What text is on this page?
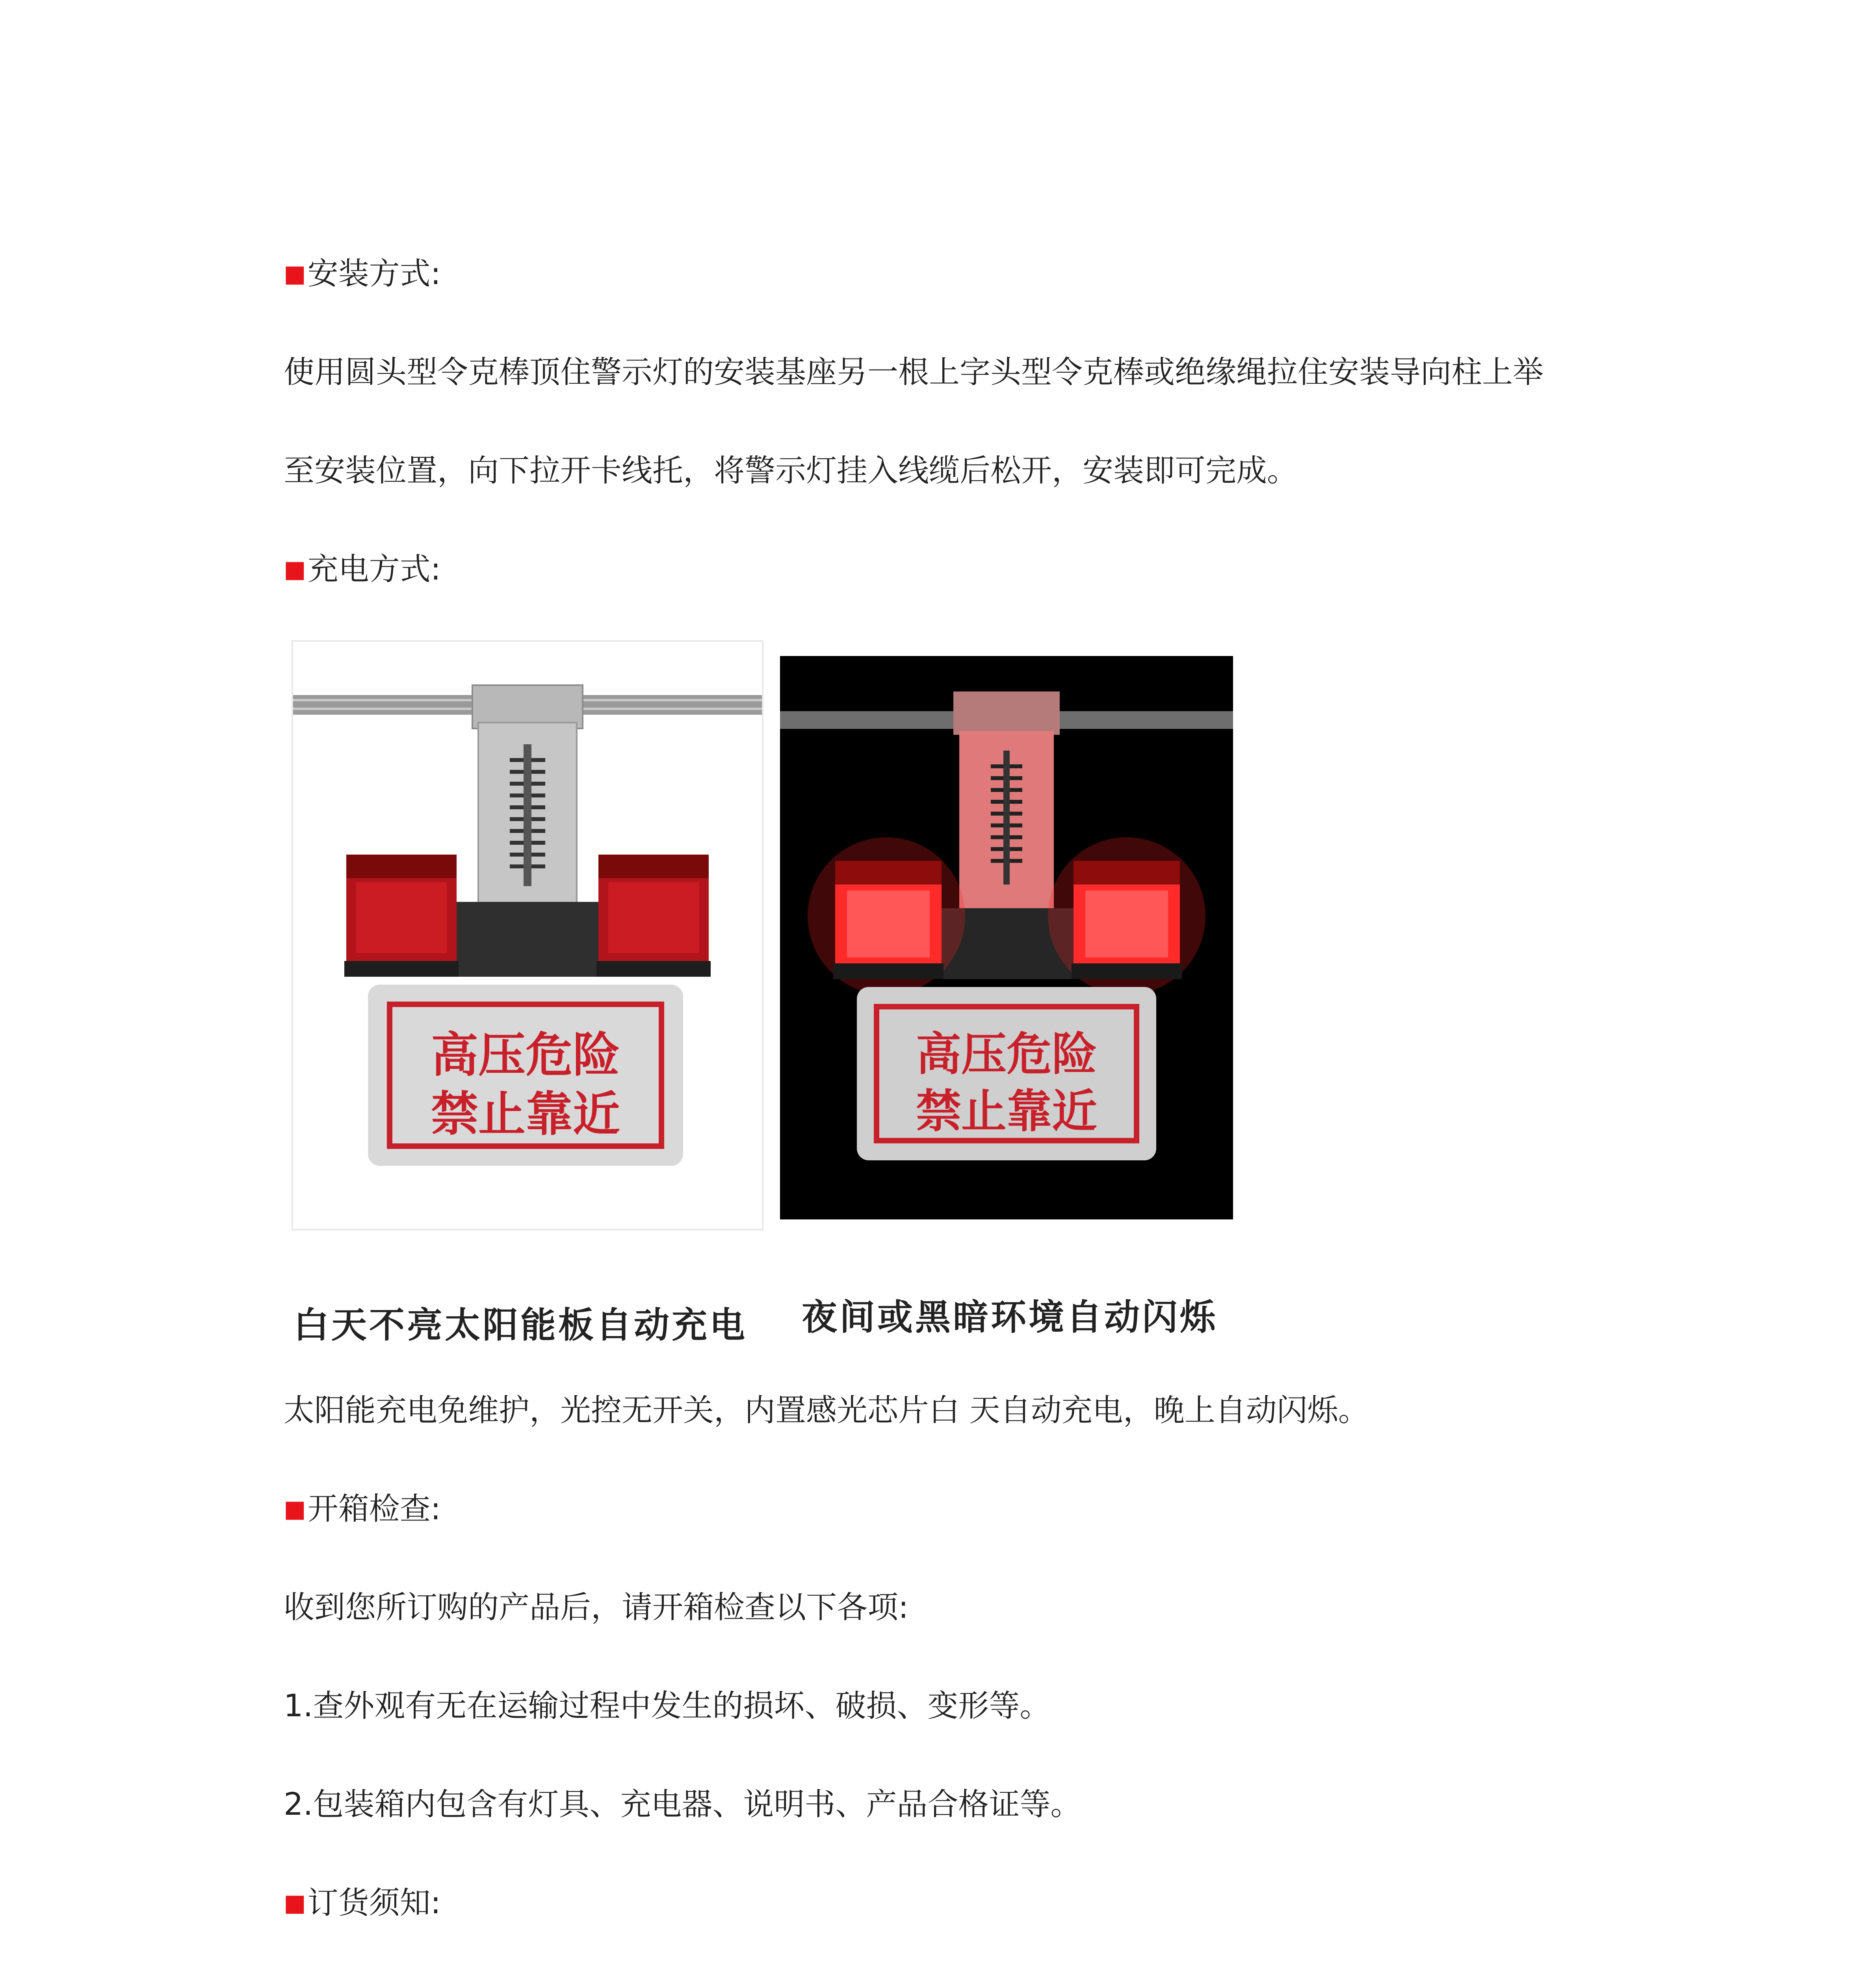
■安装方式:
使用圆头型令克棒顶住警示灯的安装基座另一根上字头型令克棒或绝缘绳拉住安装导向柱上举
至安装位置，向下拉开卡线托，将警示灯挂入线缆后松开，安装即可完成。
■充电方式:
高压危险
禁止靠近
高压危险
禁止靠近
白天不亮太阳能板自动充电 夜间或黑暗环境自动闪烁
太阳能充电免维护，光控无开关，内置感光芯片白 天自动充电，晚上自动闪烁。
■开箱检查:
收到您所订购的产品后，请开箱检查以下各项:
1.查外观有无在运输过程中发生的损坏、破损、变形等。
2.包装箱内包含有灯具、充电器、说明书、产品合格证等。
■订货须知:
